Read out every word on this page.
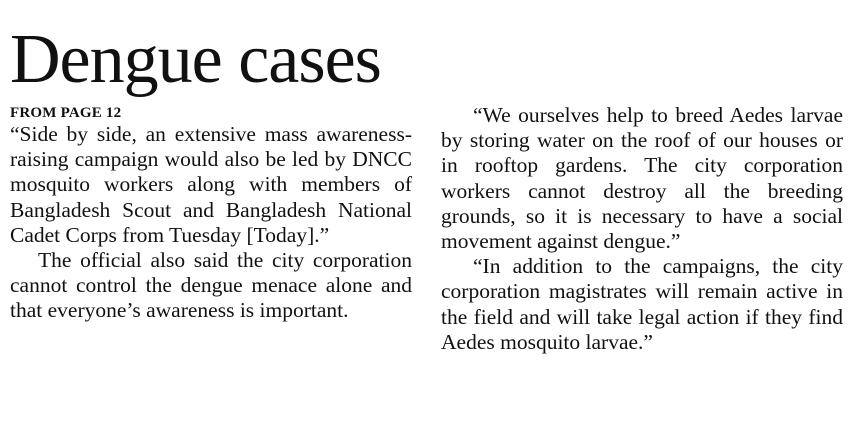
Dengue cases

FROM PAGE 12

“Side by side, an extensive mass awareness-raising campaign would also be led by DNCC mosquito workers along with members of Bangladesh Scout and Bangladesh National Cadet Corps from Tuesday [Today].”

The official also said the city corporation cannot control the dengue menace alone and that everyone’s awareness is important.

“We ourselves help to breed Aedes larvae by storing water on the roof of our houses or in rooftop gardens. The city corporation workers cannot destroy all the breeding grounds, so it is necessary to have a social movement against dengue.”

“In addition to the campaigns, the city corporation magistrates will remain active in the field and will take legal action if they find Aedes mosquito larvae.”
